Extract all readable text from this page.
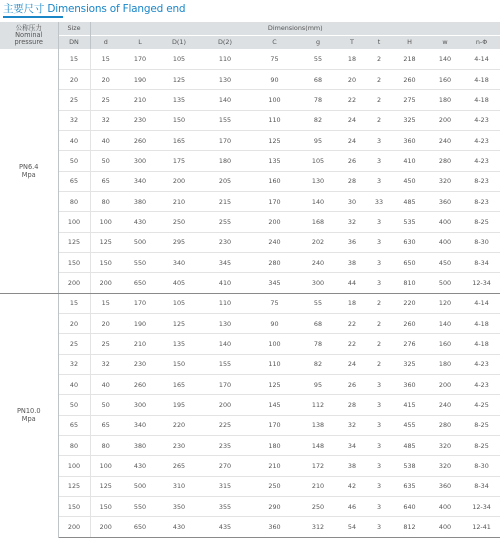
主要尺寸 Dimensions of Flanged end
公称压力
Nominal
pressure	Size	Dimensions(mm)										
	DN	d	L	D(1)	D(2)	C	g	T	t	H	w	n-Φ

PN6.4
Mpa	15	15	170	105	110	75	55	18	2	218	140	4-14
	20	20	190	125	130	90	68	20	2	260	160	4-18
	25	25	210	135	140	100	78	22	2	275	180	4-18
	32	32	230	150	155	110	82	24	2	325	200	4-23
	40	40	260	165	170	125	95	24	3	360	240	4-23
	50	50	300	175	180	135	105	26	3	410	280	4-23
	65	65	340	200	205	160	130	28	3	450	320	8-23
	80	80	380	210	215	170	140	30	33	485	360	8-23
	100	100	430	250	255	200	168	32	3	535	400	8-25
	125	125	500	295	230	240	202	36	3	630	400	8-30
	150	150	550	340	345	280	240	38	3	650	450	8-34
	200	200	650	405	410	345	300	44	3	810	500	12-34

PN10.0
Mpa	15	15	170	105	110	75	55	18	2	220	120	4-14
	20	20	190	125	130	90	68	22	2	260	140	4-18
	25	25	210	135	140	100	78	22	2	276	160	4-18
	32	32	230	150	155	110	82	24	2	325	180	4-23
	40	40	260	165	170	125	95	26	3	360	200	4-23
	50	50	300	195	200	145	112	28	3	415	240	4-25
	65	65	340	220	225	170	138	32	3	455	280	8-25
	80	80	380	230	235	180	148	34	3	485	320	8-25
	100	100	430	265	270	210	172	38	3	538	320	8-30
	125	125	500	310	315	250	210	42	3	635	360	8-34
	150	150	550	350	355	290	250	46	3	640	400	12-34
	200	200	650	430	435	360	312	54	3	812	400	12-41
